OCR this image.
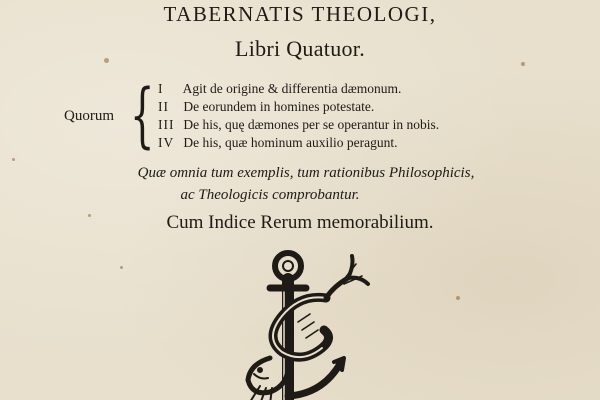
TABERNATIS THEOLOGI,
Libri Quatuor.
Quorum { I Agit de origine & differentia dæmonum.
II De eorundem in homines potestate.
III De his, quę dæmones per se operantur in nobis.
IV De his, quæ hominum auxilio peragunt.
Quæ omnia tum exemplis, tum rationibus Philosophicis,
ac Theologicis comprobantur.
Cum Indice Rerum memorabilium.
